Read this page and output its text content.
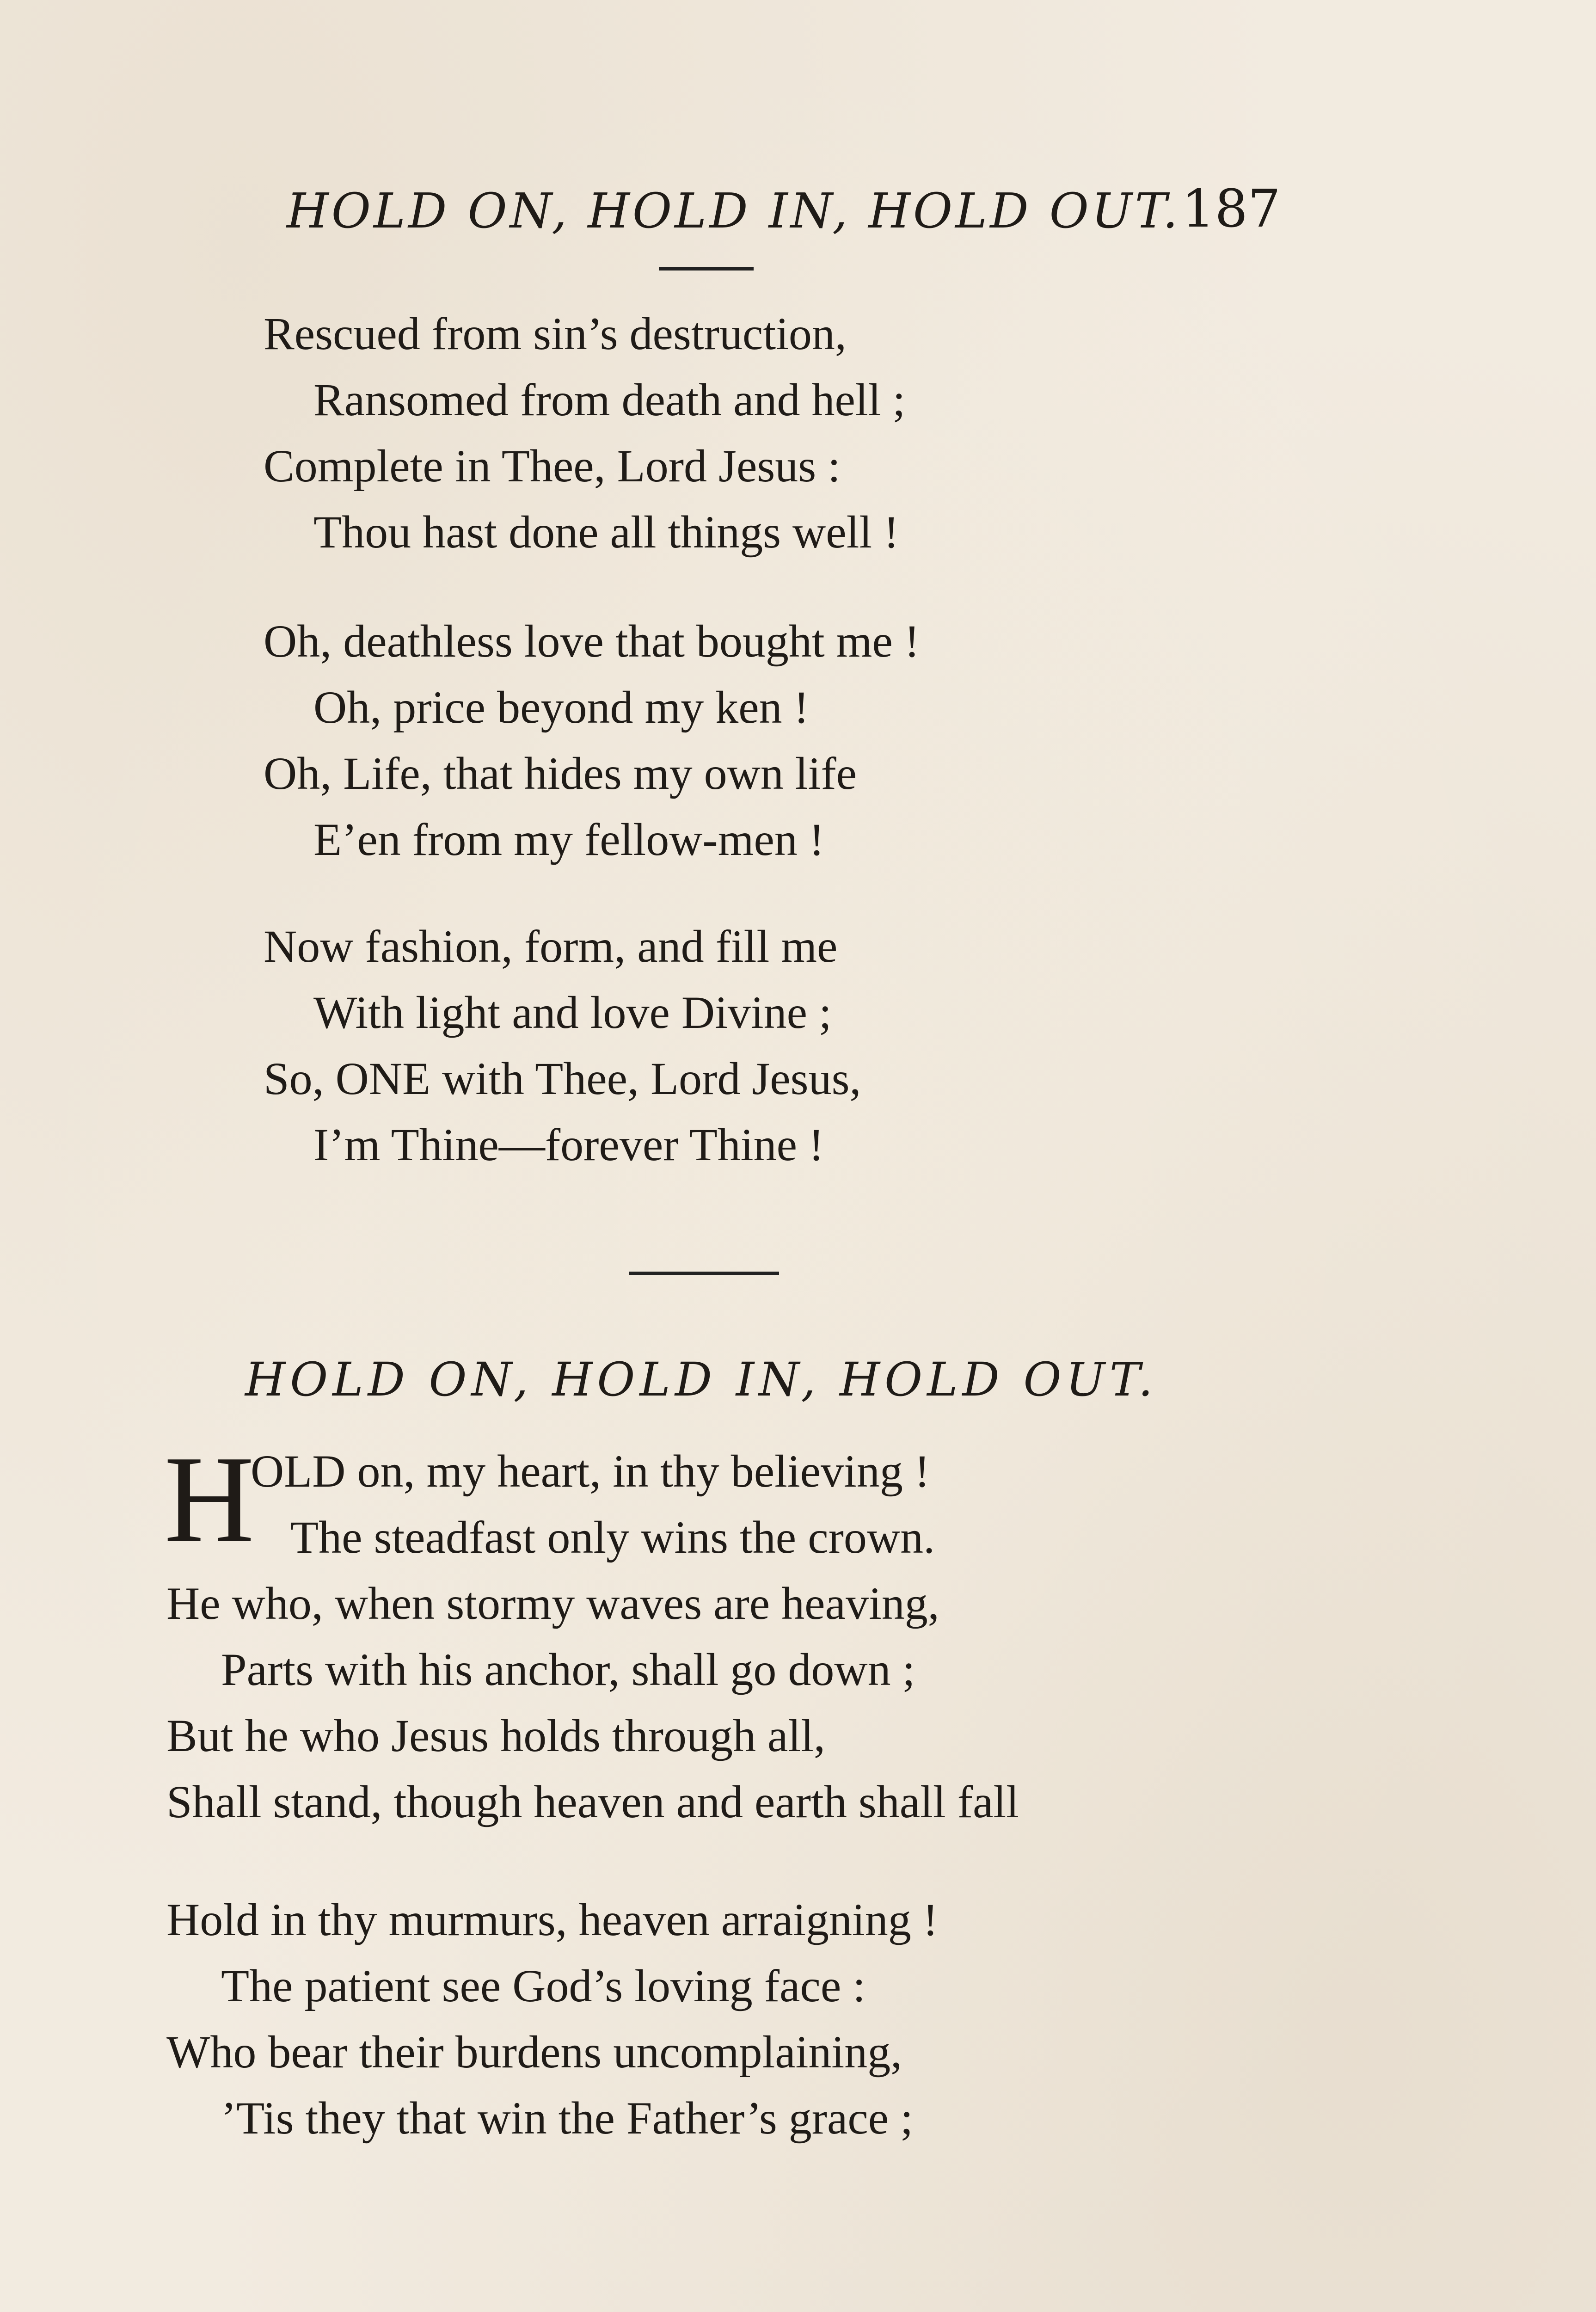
HOLD ON, HOLD IN, HOLD OUT. 187
Rescued from sin’s destruction,
Ransomed from death and hell ;
Complete in Thee, Lord Jesus :
Thou hast done all things well !
Oh, deathless love that bought me !
Oh, price beyond my ken !
Oh, Life, that hides my own life
E’en from my fellow-men !
Now fashion, form, and fill me
With light and love Divine ;
So, ONE with Thee, Lord Jesus,
I’m Thine—forever Thine !
HOLD ON, HOLD IN, HOLD OUT.
H
OLD on, my heart, in thy believing !
The steadfast only wins the crown.
He who, when stormy waves are heaving,
Parts with his anchor, shall go down ;
But he who Jesus holds through all,
Shall stand, though heaven and earth shall fall
Hold in thy murmurs, heaven arraigning !
The patient see God’s loving face :
Who bear their burdens uncomplaining,
’Tis they that win the Father’s grace ;
